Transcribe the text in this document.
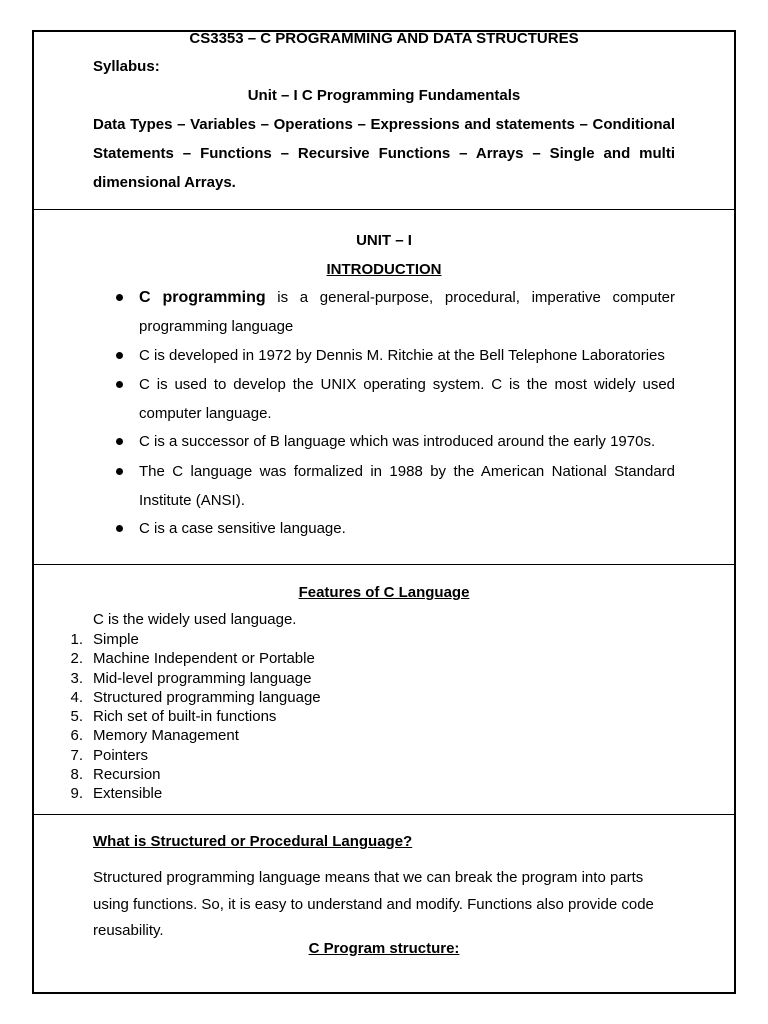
CS3353 – C PROGRAMMING AND DATA STRUCTURES
Syllabus:
Unit – I C Programming Fundamentals
Data Types – Variables – Operations – Expressions and statements – Conditional
Statements – Functions – Recursive Functions – Arrays – Single and multi
dimensional Arrays.
UNIT – I
INTRODUCTION
C programming is a general-purpose, procedural, imperative computer
programming language
C is developed in 1972 by Dennis M. Ritchie at the Bell Telephone Laboratories
C is used to develop the UNIX operating system. C is the most widely used
computer language.
C is a successor of B language which was introduced around the early 1970s.
The C language was formalized in 1988 by the American National Standard
Institute (ANSI).
C is a case sensitive language.
Features of C Language
C is the widely used language.
1. Simple
2. Machine Independent or Portable
3. Mid-level programming language
4. Structured programming language
5. Rich set of built-in functions
6. Memory Management
7. Pointers
8. Recursion
9. Extensible
What is Structured or Procedural Language?
Structured programming language means that we can break the program into parts
using functions. So, it is easy to understand and modify. Functions also provide code
reusability.
C Program structure:
